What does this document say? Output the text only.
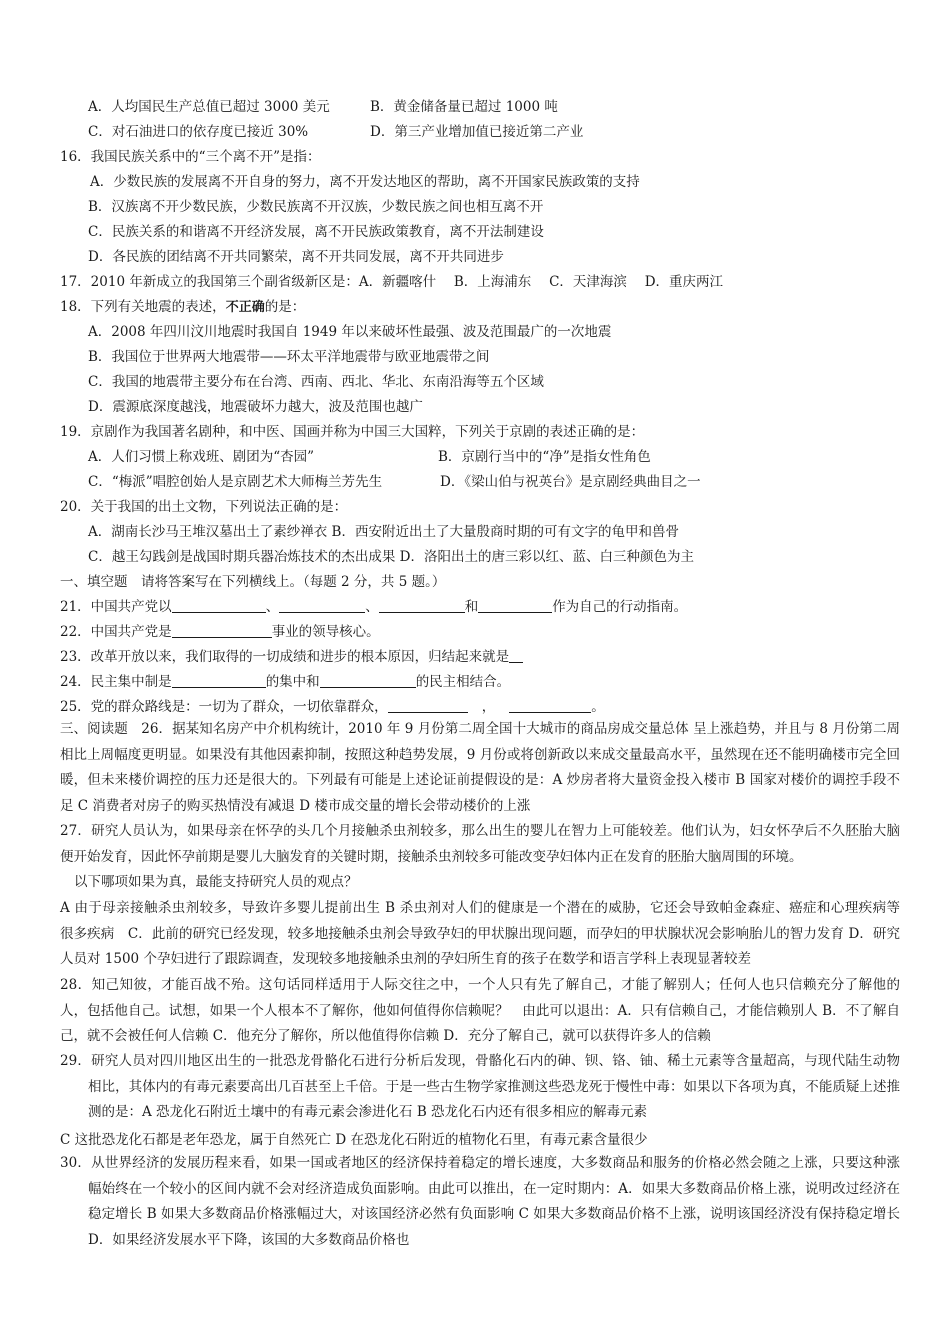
A．人均国民生产总值已超过 3000 美元	B．黄金储备量已超过 1000 吨
C．对石油进口的依存度已接近 30%	D．第三产业增加值已接近第二产业
16．我国民族关系中的“三个离不开”是指：
A．少数民族的发展离不开自身的努力，离不开发达地区的帮助，离不开国家民族政策的支持
B．汉族离不开少数民族，少数民族离不开汉族，少数民族之间也相互离不开
C．民族关系的和谐离不开经济发展，离不开民族政策教育，离不开法制建设
D．各民族的团结离不开共同繁荣，离不开共同发展，离不开共同进步
17．2010 年新成立的我国第三个副省级新区是：A．新疆喀什　 B．上海浦东　 C．天津海滨　 D．重庆两江
18．下列有关地震的表述，不正确的是：
A．2008 年四川汶川地震时我国自 1949 年以来破坏性最强、波及范围最广的一次地震
B．我国位于世界两大地震带——环太平洋地震带与欧亚地震带之间
C．我国的地震带主要分布在台湾、西南、西北、华北、东南沿海等五个区域
D．震源底深度越浅，地震破坏力越大，波及范围也越广
19．京剧作为我国著名剧种，和中医、国画并称为中国三大国粹，下列关于京剧的表述正确的是：
A．人们习惯上称戏班、剧团为“杏园”	B．京剧行当中的“净”是指女性角色
C．“梅派”唱腔创始人是京剧艺术大师梅兰芳先生	D．《梁山伯与祝英台》是京剧经典曲目之一
20．关于我国的出土文物，下列说法正确的是：
A．湖南长沙马王堆汉墓出土了素纱禅衣 B．西安附近出土了大量殷商时期的可有文字的龟甲和兽骨
C．越王勾践剑是战国时期兵器冶炼技术的杰出成果 D．洛阳出土的唐三彩以红、蓝、白三种颜色为主
一、填空题　请将答案写在下列横线上。（每题 2 分，共 5 题。）
21．中国共产党以	、	、	和	作为自己的行动指南。
22．中国共产党是	事业的领导核心。
23．改革开放以来，我们取得的一切成绩和进步的根本原因，归结起来就是
24．民主集中制是	的集中和	的民主相结合。
25．党的群众路线是：一切为了群众，一切依靠群众，	，	。
三、阅读题　26．据某知名房产中介机构统计，2010 年 9 月份第二周全国十大城市的商品房成交量总体 呈上涨趋势，并且与 8 月份第二周相比上周幅度更明显。如果没有其他因素抑制，按照这种趋势发展，9 月份或将创新政以来成交量最高水平，虽然现在还不能明确楼市完全回暖，但未来楼价调控的压力还是很大的。下列最有可能是上述论证前提假设的是：A 炒房者将大量资金投入楼市 B 国家对楼价的调控手段不足 C 消费者对房子的购买热情没有减退 D 楼市成交量的增长会带动楼价的上涨
27．研究人员认为，如果母亲在怀孕的头几个月接触杀虫剂较多，那么出生的婴儿在智力上可能较差。他们认为，妇女怀孕后不久胚胎大脑便开始发育，因此怀孕前期是婴儿大脑发育的关键时期，接触杀虫剂较多可能改变孕妇体内正在发育的胚胎大脑周围的环境。
以下哪项如果为真，最能支持研究人员的观点？
A 由于母亲接触杀虫剂较多，导致许多婴儿提前出生 B 杀虫剂对人们的健康是一个潜在的威胁，它还会导致帕金森症、癌症和心理疾病等　很多疾病　C．此前的研究已经发现，较多地接触杀虫剂会导致孕妇的甲状腺出现问题，而孕妇的甲状腺状况会影响胎儿的智力发育 D．研究人员对 1500 个孕妇进行了跟踪调查，发现较多地接触杀虫剂的孕妇所生育的孩子在数学和语言学科上表现显著较差
28．知己知彼，才能百战不殆。这句话同样适用于人际交往之中，一个人只有先了解自己，才能了解别人；任何人也只信赖充分了解他的人，包括他自己。试想，如果一个人根本不了解你，他如何值得你信赖呢？　由此可以退出：A．只有信赖自己，才能信赖别人 B．不了解自己，就不会被任何人信赖 C．他充分了解你，所以他值得你信赖 D．充分了解自己，就可以获得许多人的信赖
29．研究人员对四川地区出生的一批恐龙骨骼化石进行分析后发现，骨骼化石内的砷、钡、铬、铀、稀土元素等含量超高，与现代陆生动物相比，其体内的有毒元素要高出几百甚至上千倍。于是一些古生物学家推测这些恐龙死于慢性中毒：如果以下各项为真，不能质疑上述推测的是：A 恐龙化石附近土壤中的有毒元素会渗进化石 B 恐龙化石内还有很多相应的解毒元素
C 这批恐龙化石都是老年恐龙，属于自然死亡 D 在恐龙化石附近的植物化石里，有毒元素含量很少
30．从世界经济的发展历程来看，如果一国或者地区的经济保持着稳定的增长速度，大多数商品和服务的价格必然会随之上涨，只要这种涨幅始终在一个较小的区间内就不会对经济造成负面影响。由此可以推出，在一定时期内：A．如果大多数商品价格上涨，说明改过经济在稳定增长 B 如果大多数商品价格涨幅过大，对该国经济必然有负面影响 C 如果大多数商品价格不上涨，说明该国经济没有保持稳定增长 D．如果经济发展水平下降，该国的大多数商品价格也
